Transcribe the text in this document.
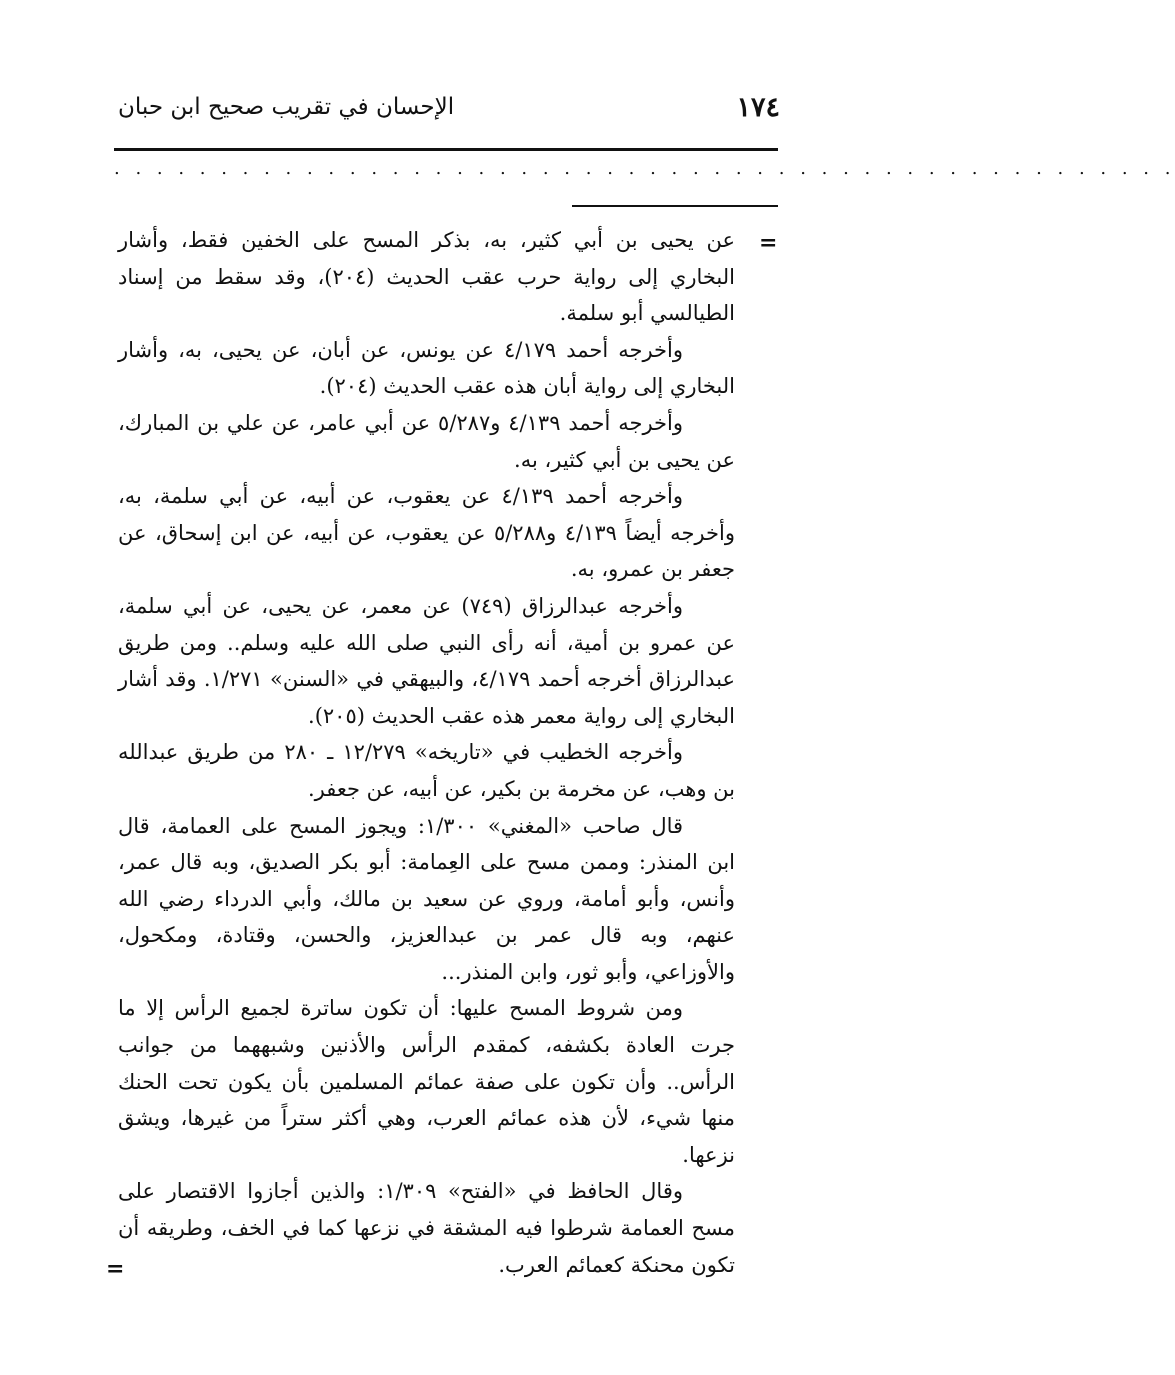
١٧٤
الإحسان في تقريب صحيح ابن حبان
. . . . . . . . . . . . . . . . . . . . . . . . . . . . . . . . . . . . . . . . . . . . . . . . . .
=

عن يحيى بن أبي كثير، به، بذكر المسح على الخفين فقط، وأشار البخاري إلى رواية حرب عقب الحديث (٢٠٤)، وقد سقط من إسناد الطيالسي أبو سلمة.

وأخرجه أحمد ٤/١٧٩ عن يونس، عن أبان، عن يحيى، به، وأشار البخاري إلى رواية أبان هذه عقب الحديث (٢٠٤).

وأخرجه أحمد ٤/١٣٩ و٥/٢٨٧ عن أبي عامر، عن علي بن المبارك، عن يحيى بن أبي كثير، به.

وأخرجه أحمد ٤/١٣٩ عن يعقوب، عن أبيه، عن أبي سلمة، به، وأخرجه أيضاً ٤/١٣٩ و٥/٢٨٨ عن يعقوب، عن أبيه، عن ابن إسحاق، عن جعفر بن عمرو، به.

وأخرجه عبدالرزاق (٧٤٩) عن معمر، عن يحيى، عن أبي سلمة، عن عمرو بن أمية، أنه رأى النبي صلى الله عليه وسلم.. ومن طريق عبدالرزاق أخرجه أحمد ٤/١٧٩، والبيهقي في «السنن» ١/٢٧١. وقد أشار البخاري إلى رواية معمر هذه عقب الحديث (٢٠٥).

وأخرجه الخطيب في «تاريخه» ١٢/٢٧٩ ـ ٢٨٠ من طريق عبدالله بن وهب، عن مخرمة بن بكير، عن أبيه، عن جعفر.

قال صاحب «المغني» ١/٣٠٠: ويجوز المسح على العمامة، قال ابن المنذر: وممن مسح على العِمامة: أبو بكر الصديق، وبه قال عمر، وأنس، وأبو أمامة، وروي عن سعيد بن مالك، وأبي الدرداء رضي الله عنهم، وبه قال عمر بن عبدالعزيز، والحسن، وقتادة، ومكحول، والأوزاعي، وأبو ثور، وابن المنذر...

ومن شروط المسح عليها: أن تكون ساترة لجميع الرأس إلا ما جرت العادة بكشفه، كمقدم الرأس والأذنين وشبههما من جوانب الرأس.. وأن تكون على صفة عمائم المسلمين بأن يكون تحت الحنك منها شيء، لأن هذه عمائم العرب، وهي أكثر ستراً من غيرها، ويشق نزعها.

وقال الحافظ في «الفتح» ١/٣٠٩: والذين أجازوا الاقتصار على مسح العمامة شرطوا فيه المشقة في نزعها كما في الخف، وطريقه أن تكون محنكة كعمائم العرب.

=
